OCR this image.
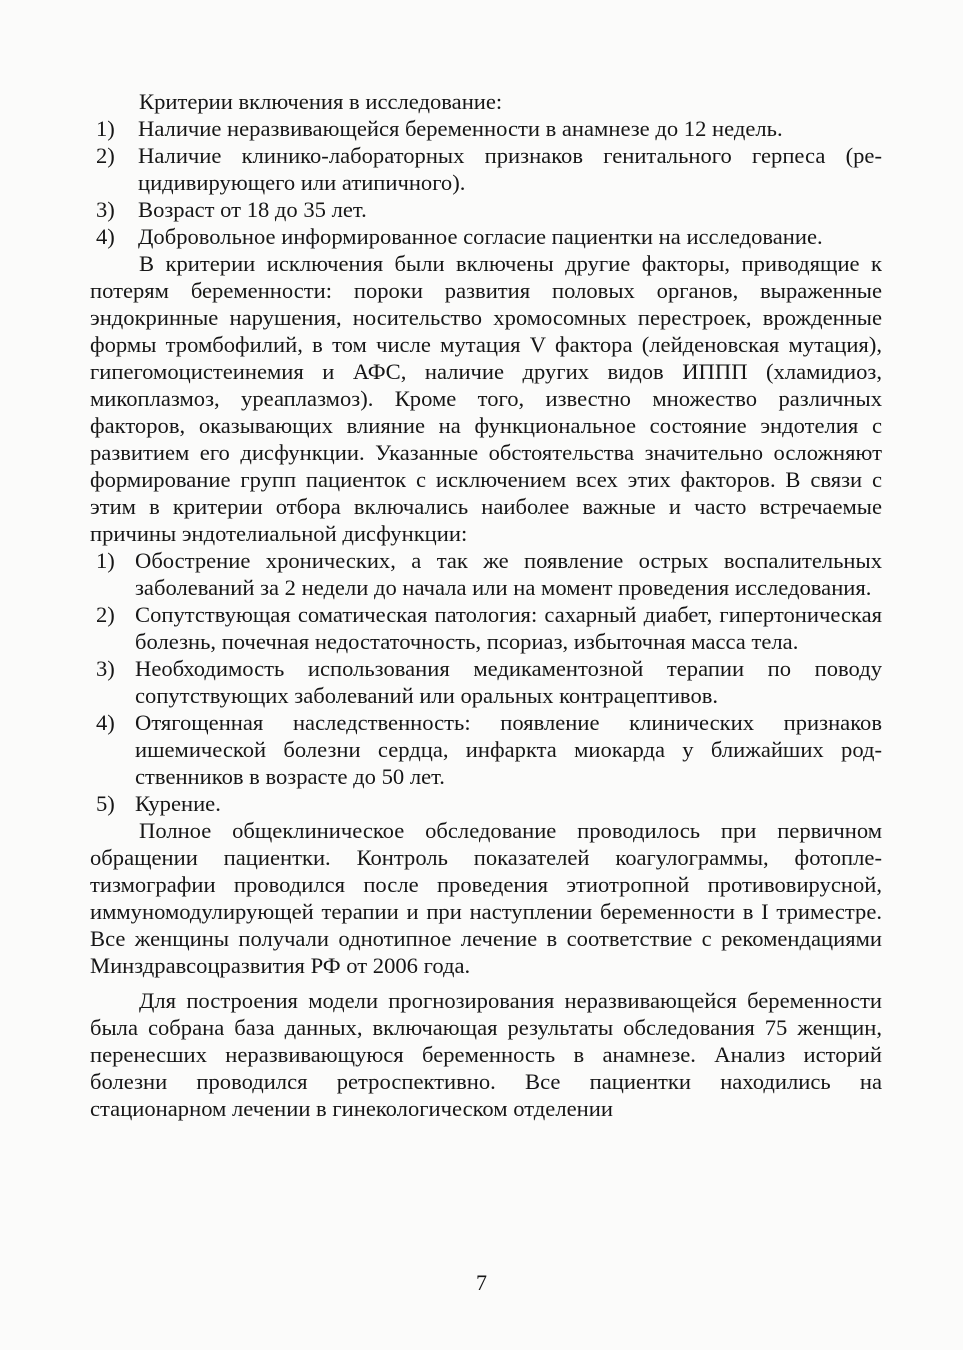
Критерии включения в исследование:

1) Наличие неразвивающейся беременности в анамнезе до 12 недель.
2) Наличие клинико-лабораторных признаков генитального герпеса (рецидивирующего или атипичного).
3) Возраст от 18 до 35 лет.
4) Добровольное информированное согласие пациентки на исследование.

В критерии исключения были включены другие факторы, приводящие к потерям беременности: пороки развития половых органов, выраженные эндокринные нарушения, носительство хромосомных перестроек, врожденные формы тромбофилий, в том числе мутация V фактора (лейденовская мутация), гипегомоцистеинемия и АФС, наличие других видов ИППП (хламидиоз, микоплазмоз, уреаплазмоз). Кроме того, известно множество различных факторов, оказывающих влияние на функциональное состояние эндотелия с развитием его дисфункции. Указанные обстоятельства значительно осложняют формирование групп пациенток с исключением всех этих факторов. В связи с этим в критерии отбора включались наиболее важные и часто встречаемые причины эндотелиальной дисфункции:

1) Обострение хронических, а так же появление острых воспалительных заболеваний за 2 недели до начала или на момент проведения исследования.
2) Сопутствующая соматическая патология: сахарный диабет, гипертоническая болезнь, почечная недостаточность, псориаз, избыточная масса тела.
3) Необходимость использования медикаментозной терапии по поводу сопутствующих заболеваний или оральных контрацептивов.
4) Отягощенная наследственность: появление клинических признаков ишемической болезни сердца, инфаркта миокарда у ближайших родственников в возрасте до 50 лет.
5) Курение.

Полное общеклиническое обследование проводилось при первичном обращении пациентки. Контроль показателей коагулограммы, фотоплетизмографии проводился после проведения этиотропной противовирусной, иммуномодулирующей терапии и при наступлении беременности в I триместре. Все женщины получали однотипное лечение в соответствие с рекомендациями Минздравсоцразвития РФ от 2006 года.

Для построения модели прогнозирования неразвивающейся беременности была собрана база данных, включающая результаты обследования 75 женщин, перенесших неразвивающуюся беременность в анамнезе. Анализ историй болезни проводился ретроспективно. Все пациентки находились на стационарном лечении в гинекологическом отделении

7
